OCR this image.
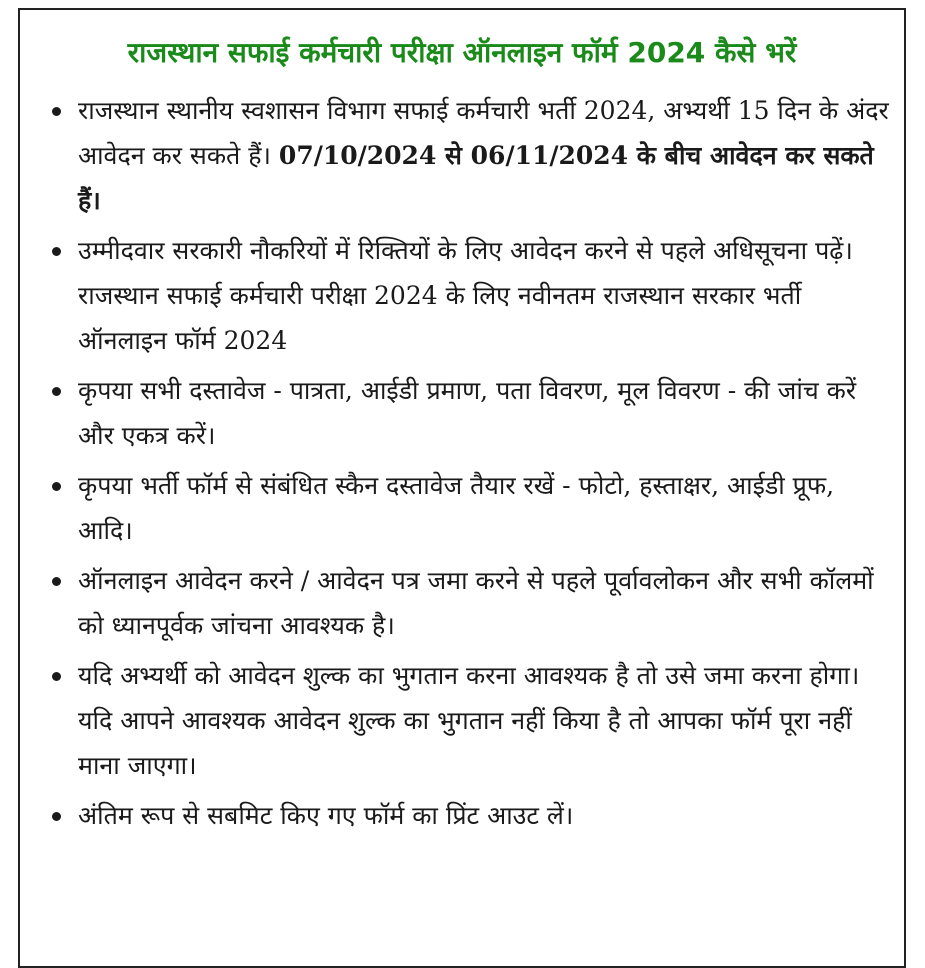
राजस्थान सफाई कर्मचारी परीक्षा ऑनलाइन फॉर्म 2024 कैसे भरें
राजस्थान स्थानीय स्वशासन विभाग सफाई कर्मचारी भर्ती 2024, अभ्यर्थी 15 दिन के अंदर आवेदन कर सकते हैं। 07/10/2024 से 06/11/2024 के बीच आवेदन कर सकते हैं।
उम्मीदवार सरकारी नौकरियों में रिक्तियों के लिए आवेदन करने से पहले अधिसूचना पढ़ें। राजस्थान सफाई कर्मचारी परीक्षा 2024 के लिए नवीनतम राजस्थान सरकार भर्ती ऑनलाइन फॉर्म 2024
कृपया सभी दस्तावेज - पात्रता, आईडी प्रमाण, पता विवरण, मूल विवरण - की जांच करें और एकत्र करें।
कृपया भर्ती फॉर्म से संबंधित स्कैन दस्तावेज तैयार रखें - फोटो, हस्ताक्षर, आईडी प्रूफ, आदि।
ऑनलाइन आवेदन करने / आवेदन पत्र जमा करने से पहले पूर्वावलोकन और सभी कॉलमों को ध्यानपूर्वक जांचना आवश्यक है।
यदि अभ्यर्थी को आवेदन शुल्क का भुगतान करना आवश्यक है तो उसे जमा करना होगा। यदि आपने आवश्यक आवेदन शुल्क का भुगतान नहीं किया है तो आपका फॉर्म पूरा नहीं माना जाएगा।
अंतिम रूप से सबमिट किए गए फॉर्म का प्रिंट आउट लें।
